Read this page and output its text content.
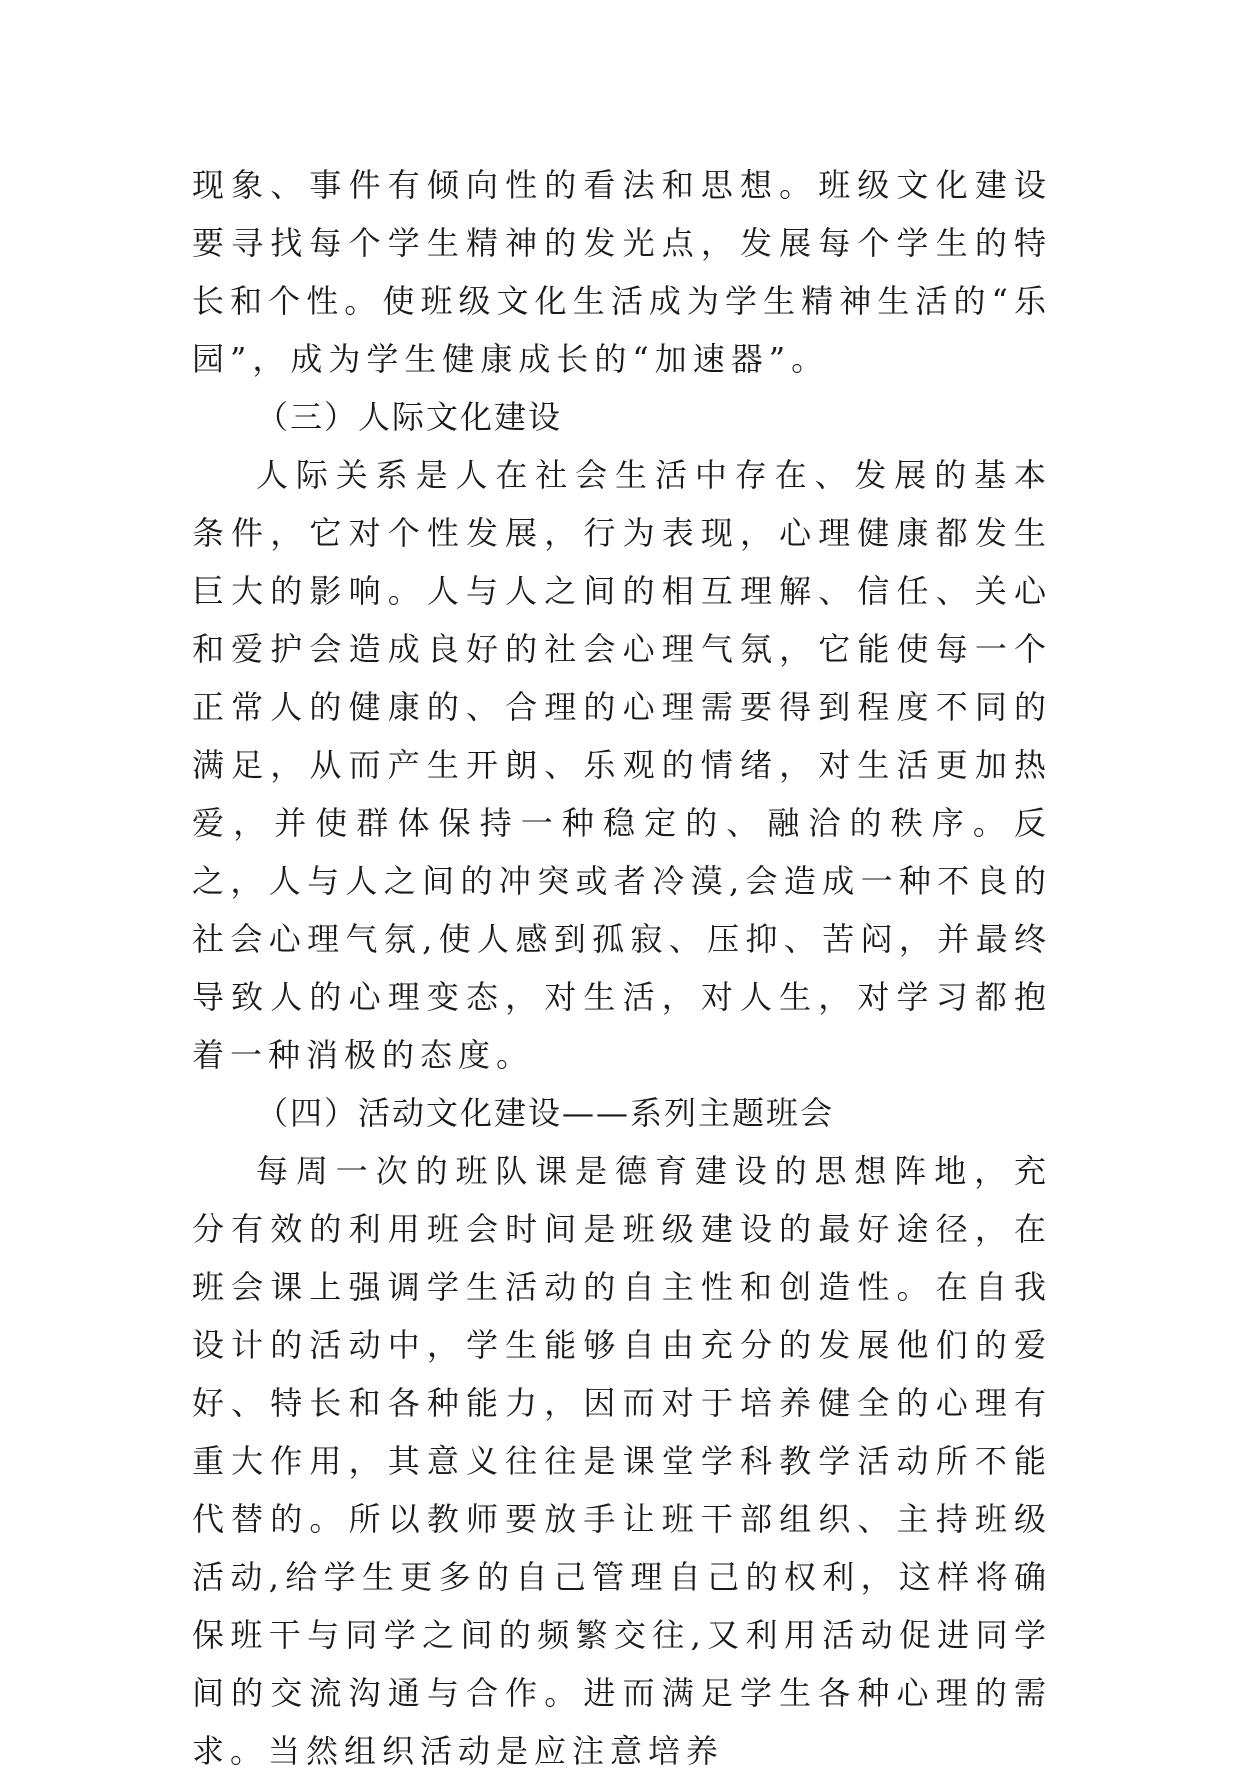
现象、事件有倾向性的看法和思想。班级文化建设要寻找每个学生精神的发光点，发展每个学生的特长和个性。使班级文化生活成为学生精神生活的“乐园”，成为学生健康成长的“加速器”。

（三）人际文化建设

人际关系是人在社会生活中存在、发展的基本条件，它对个性发展，行为表现，心理健康都发生巨大的影响。人与人之间的相互理解、信任、关心和爱护会造成良好的社会心理气氛，它能使每一个正常人的健康的、合理的心理需要得到程度不同的满足，从而产生开朗、乐观的情绪，对生活更加热爱，并使群体保持一种稳定的、融洽的秩序。反之，人与人之间的冲突或者冷漠,会造成一种不良的社会心理气氛,使人感到孤寂、压抑、苦闷，并最终导致人的心理变态，对生活，对人生，对学习都抱着一种消极的态度。

（四）活动文化建设——系列主题班会

每周一次的班队课是德育建设的思想阵地，充分有效的利用班会时间是班级建设的最好途径，在班会课上强调学生活动的自主性和创造性。在自我设计的活动中，学生能够自由充分的发展他们的爱好、特长和各种能力，因而对于培养健全的心理有重大作用，其意义往往是课堂学科教学活动所不能代替的。所以教师要放手让班干部组织、主持班级活动,给学生更多的自己管理自己的权利，这样将确保班干与同学之间的频繁交往,又利用活动促进同学间的交流沟通与合作。进而满足学生各种心理的需求。当然组织活动是应注意培养
